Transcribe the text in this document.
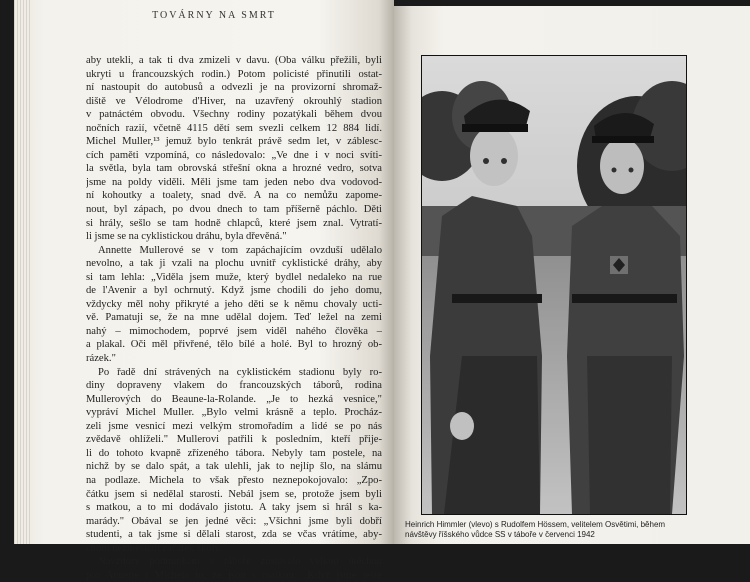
TOVÁRNY NA SMRT
aby utekli, a tak ti dva zmizeli v davu. (Oba válku přežili, byli
ukryti u francouzských rodin.) Potom policisté přinutili ostat-
ní nastoupit do autobusů a odvezli je na provizorní shromaž-
diště ve Vélodrome d'Hiver, na uzavřený okrouhlý stadion
v patnáctém obvodu. Všechny rodiny pozatýkali během dvou
nočních razií, včetně 4115 dětí sem svezli celkem 12 884 lidí.
Michel Muller,¹³ jemuž bylo tenkrát právě sedm let, v záblesc-
cích paměti vzpomíná, co následovalo: „Ve dne i v noci svíti-
la světla, byla tam obrovská střešní okna a hrozné vedro, sotva
jsme na poldy viděli. Měli jsme tam jeden nebo dva vodovod-
ní kohoutky a toalety, snad dvě. A na co nemůžu zapome-
nout, byl zápach, po dvou dnech to tam příšerně páchlo. Děti
si hrály, sešlo se tam hodně chlapců, které jsem znal. Vytratí-
li jsme se na cyklistickou dráhu, byla dřevěná."
Annette Mullerové se v tom zapáchajícím ovzduší udělalo
nevolno, a tak ji vzali na plochu uvnitř cyklistické dráhy, aby
si tam lehla: „Viděla jsem muže, který bydlel nedaleko na rue
de l'Avenir a byl ochrnutý. Když jsme chodili do jeho domu,
vždycky měl nohy přikryté a jeho děti se k němu chovaly ucti-
vě. Pamatuji se, že na mne udělal dojem. Teď ležel na zemi
nahý – mimochodem, poprvé jsem viděl nahého člověka –
a plakal. Oči měl přivřené, tělo bílé a holé. Byl to hrozný ob-
rázek."
Po řadě dní strávených na cyklistickém stadionu byly ro-
diny dopraveny vlakem do francouzských táborů, rodina
Mullerových do Beaune-la-Rolande. „Je to hezká vesnice,"
vypráví Michel Muller. „Bylo velmi krásně a teplo. Procház-
zeli jsme vesnicí mezi velkým stromořadím a lidé se po nás
zvědavě ohlíželi." Mullerovi patřili k posledním, kteří přije-
li do tohoto kvapně zřízeného tábora. Nebyly tam postele, na
nichž by se dalo spát, a tak ulehli, jak to nejlíp šlo, na slámu
na podlaze. Michela to však přesto neznepokojovalo: „Zpo-
čátku jsem si nedělal starosti. Nebál jsem se, protože jsem byli
s matkou, a to mi dodávalo jistotu. A taky jsem si hrál s ka-
marády." Obával se jen jedné věci: „Všichni jsme byli dobří
studenti, a tak jsme si dělali starost, zda se včas vrátíme, aby-
chom nezmeškali začátek školy."
Navzdory podmínkám v táboře zůstávalo velkou útěchou
pro Annette i Michela to, že jsou s matkou. „Když jsme ještě
Heinrich Himmler (vlevo) s Rudolfem Hössem, velitelem Osvětimi, během
návštěvy říšského vůdce SS v táboře v červenci 1942
